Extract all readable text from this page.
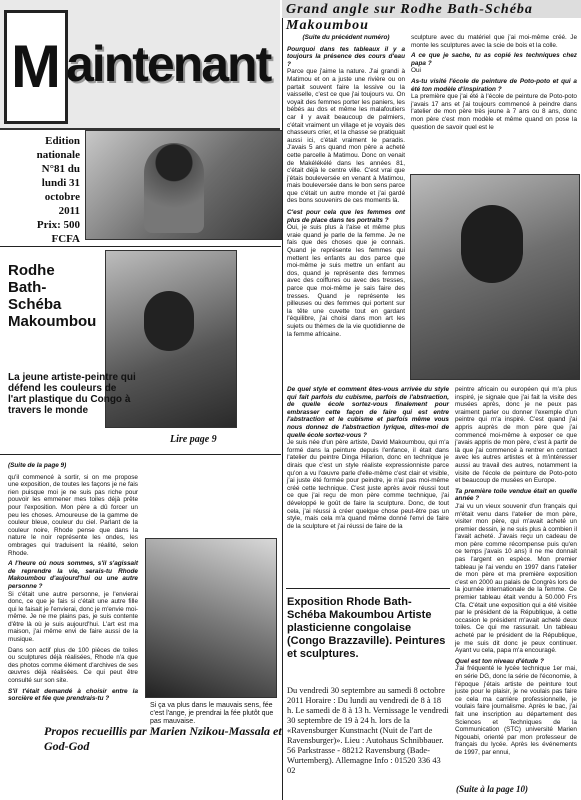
M aintenant
Edition
nationale
N°81 du
lundi 31
octobre
2011
Prix: 500
FCFA
Rodhe
Bath-
Schéba
Makoumbou
La jeune artiste-peintre qui défend les couleurs de l'art plastique du Congo à travers le monde
Lire page 9
(Suite de la page 9)
qu'il commencé à sortir, si on me propose une exposition, de toutes les façons je ne fais rien puisque moi je ne suis pas riche pour pouvoir les emmener mes toiles déjà prête pour l'exposition. Mon père a dû forcer un peu les choses. Amoureuse de la gamme de couleur bleue, couleur du ciel. Parlant de la couleur noire, Rhode pense que dans la nature le noir représente les ondes, les ombrages qui traduisent la réalité, selon Rhode.
A l'heure où nous sommes, s'il s'agissait de reprendre la vie, serais-tu Rhode Makoumbou d'aujourd'hui ou une autre personne ?
Si c'était une autre personne, je l'envierai donc, ce que je fais si c'était une autre fille qui le faisait je l'envierai, donc je m'envie moi-même. Je ne me plains pas, je suis contente d'être là où je suis aujourd'hui. L'art est ma maison, j'ai même envi de faire aussi de la musique.
Dans son actif plus de 100 pièces de toiles ou sculptures déjà réalisées, Rhode n'a que des photos comme élément d'archives de ses œuvres déjà réalisées. Ce qui peut être consulté sur son site.
S'il t'était demandé à choisir entre la sorcière et fée que prendrais-tu ?
Si ça va plus dans le mauvais sens, fée c'est l'ange, je prendrai la fée plutôt que pas mauvaise.
Propos recueillis par Marien Nzikou-Massala et God-God
Grand angle sur Rodhe Bath-Schéba Makoumbou
(Suite du précédent numéro)
Pourquoi dans tes tableaux il y a toujours la présence des cours d'eau ?
Parce que j'aime la nature. J'ai grandi à Matimou et on a juste une rivière ou on partait souvent faire la lessive ou la vaisselle, c'est ce que j'ai toujours vu. On voyait des femmes porter les paniers, les bébés au dos et même les malafoutiers car il y avait beaucoup de palmiers, c'était vraiment un village et je voyais des chasseurs crier, et la chasse se pratiquait aussi ici, c'était vraiment le paradis. J'avais 5 ans quand mon père a acheté cette parcelle à Matimou. Donc on venait de Makélékélé dans les années 81, c'était déjà le centre ville. C'est vrai que j'étais bouleversée en venant à Matimou, mais bouleversée dans le bon sens parce que c'était un autre monde et j'ai gardé des bons souvenirs de ces moments là.
C'est pour cela que les femmes ont plus de place dans tes portraits ?
Oui, je suis plus à l'aise et même plus vraie quand je parle de la femme. Je ne fais que des choses que je connais. Quand je représente les femmes qui mettent les enfants au dos parce que moi-même je suis mettre un enfant au dos, quand je représente des femmes avec des coiffures ou avec des tresses, parce que moi-même je sais faire des tresses. Quand je représente les pilleuses ou des femmes qui portent sur la tête une cuvette tout en gardant l'équilibre, j'ai choisi dans mon art les sujets ou thèmes de la vie quotidienne de la femme africaine.
sculpture avec du matériel que j'ai moi-même créé. Je monte les sculptures avec la scie de bois et la colle.
A ce que je sache, tu as copié les techniques chez papa ?
Oui
As-tu visité l'école de peinture de Poto-poto et qui a été ton modèle d'inspiration ?
La première que j'ai été à l'école de peinture de Poto-poto j'avais 17 ans et j'ai toujours commencé à peindre dans l'atelier de mon père très jeune à 7 ans ou 8 ans, donc mon père c'est mon modèle et même quand on pose la question de savoir quel est le
De quel style et comment êtes-vous arrivée du style qui fait parfois du cubisme, parfois de l'abstraction, de quelle école sortez-vous finalement pour embrasser cette façon de faire qui est entre l'abstraction et le cubisme et parfois même vous nous donnez de l'abstraction lyrique, dites-moi de quelle école sortez-vous ?
Je suis née d'un père artiste, David Makoumbou, qui m'a formé dans la peinture depuis l'enfance, il était dans l'atelier du peintre Dinga Hilarion, donc en technique je dirais que c'est un style réaliste expressionniste parce qu'on a vu l'œuvre parle d'elle-même c'est clair et visible, j'ai juste été formée pour peindre, je n'ai pas moi-même créé cette technique. C'est juste après avoir réussi tout ce que j'ai reçu de mon père comme technique, j'ai développé le goût de faire la sculpture. Donc, de tout cela, j'ai réussi à créer quelque chose peut-être pas un style, mais cela m'a quand même donné l'envi de faire de la sculpture et j'ai réussi de faire de la
peintre africain ou européen qui m'a plus inspiré, je signale que j'ai fait la visite des musées après, donc je ne peux pas vraiment parler ou donner l'exemple d'un peintre qui m'a inspiré. C'est quand j'ai appris auprès de mon père que j'ai commencé moi-même à exposer ce que j'avais appris de mon père, c'est à partir de là que j'ai commencé à rentrer en contact avec les autres artistes et à m'intéresser aussi au travail des autres, notamment la visite de l'école de peinture de Poto-poto et beaucoup de musées en Europe.
Ta première toile vendue était en quelle année ?
J'ai vu un vieux souvenir d'un français qui m'était venu dans l'atelier de mon père, visiter mon père, qui m'avait acheté un premier dessin, je ne suis plus à combien il l'avait acheté. J'avais reçu un cadeau de mon père comme récompense puis qu'en ce temps j'avais 10 ans) il ne me donnait pas l'argent en espèce. Mon premier tableau je l'ai vendu en 1997 dans l'atelier de mon père et ma première exposition c'est en 2000 au palais de Congrès lors de la journée internationale de la femme. Ce premier tableau était vendu à 50.000 Frs Cfa. C'était une exposition qui a été visitée par le président de la République, à cette occasion le président m'avait acheté deux toiles. Ce qui me rassurait. Un tableau acheté par le président de la République, je me suis dit donc je peux continuer. Ayant vu cela, papa m'a encouragé.
Quel est ton niveau d'étude ?
J'ai fréquenté le lycée technique 1er mai, en série DG, donc la série de l'économie, à l'époque j'étais artiste de peinture tout juste pour le plaisir, je ne voulais pas faire ce cela ma carrière professionnelle, je voulais faire journalisme. Après le bac, j'ai fait une inscription au département des Sciences et Techniques de la Communication (STC) université Marien Ngouabi, orienté par mon professeur de français du lycée. Après les événements de 1997, par ennui,
Exposition Rhode Bath-Schéba Makoumbou Artiste plasticienne congolaise (Congo Brazzaville). Peintures et sculptures.
Du vendredi 30 septembre au samedi 8 octobre 2011 Horaire : Du lundi au vendredi de 8 à 18 h. Le samedi de 8 à 13 h. Vernissage le vendredi 30 septembre de 19 à 24 h. lors de la «Ravensburger Kunstnacht (Nuit de l'art de Ravensburger)». Lieu : Autohaus Schnibbauer. 56 Parkstrasse - 88212 Ravensburg (Bade-Wurtemberg). Allemagne Info : 01520 336 43 02
(Suite à la page 10)
